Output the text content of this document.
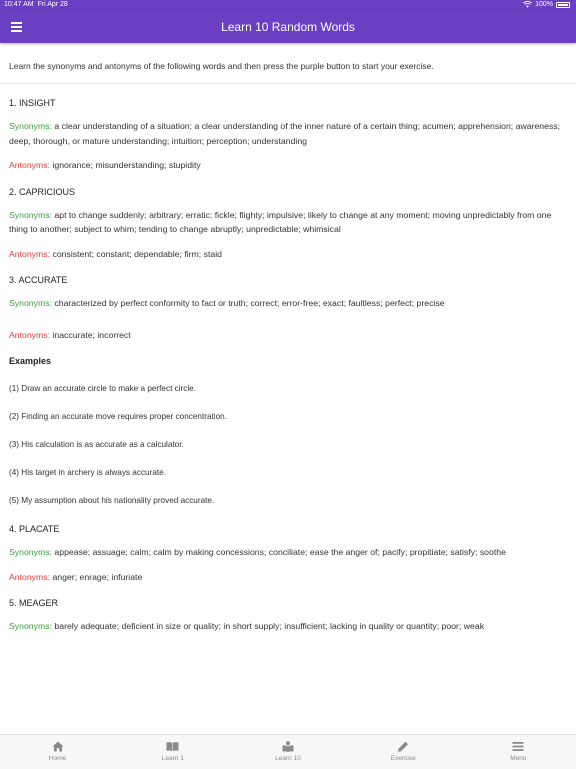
10:47 AM Fri Apr 28	100%
Learn 10 Random Words
Learn the synonyms and antonyms of the following words and then press the purple button to start your exercise.
1. INSIGHT
Synonyms: a clear understanding of a situation; a clear understanding of the inner nature of a certain thing; acumen; apprehension; awareness; deep, thorough, or mature understanding; intuition; perception; understanding
Antonyms: ignorance; misunderstanding; stupidity
2. CAPRICIOUS
Synonyms: apt to change suddenly; arbitrary; erratic; fickle; flighty; impulsive; likely to change at any moment; moving unpredictably from one thing to another; subject to whim; tending to change abruptly; unpredictable; whimsical
Antonyms: consistent; constant; dependable; firm; staid
3. ACCURATE
Synonyms: characterized by perfect conformity to fact or truth; correct; error-free; exact; faultless; perfect; precise
Antonyms: inaccurate; incorrect
Examples
(1) Draw an accurate circle to make a perfect circle.
(2) Finding an accurate move requires proper concentration.
(3) His calculation is as accurate as a calculator.
(4) His target in archery is always accurate.
(5) My assumption about his nationality proved accurate.
4. PLACATE
Synonyms: appease; assuage; calm; calm by making concessions; conciliate; ease the anger of; pacify; propitiate; satisfy; soothe
Antonyms: anger; enrage; infuriate
5. MEAGER
Synonyms: barely adequate; deficient in size or quality; in short supply; insufficient; lacking in quality or quantity; poor; weak
Home	Learn 1	Learn 10	Exercise	Menu
